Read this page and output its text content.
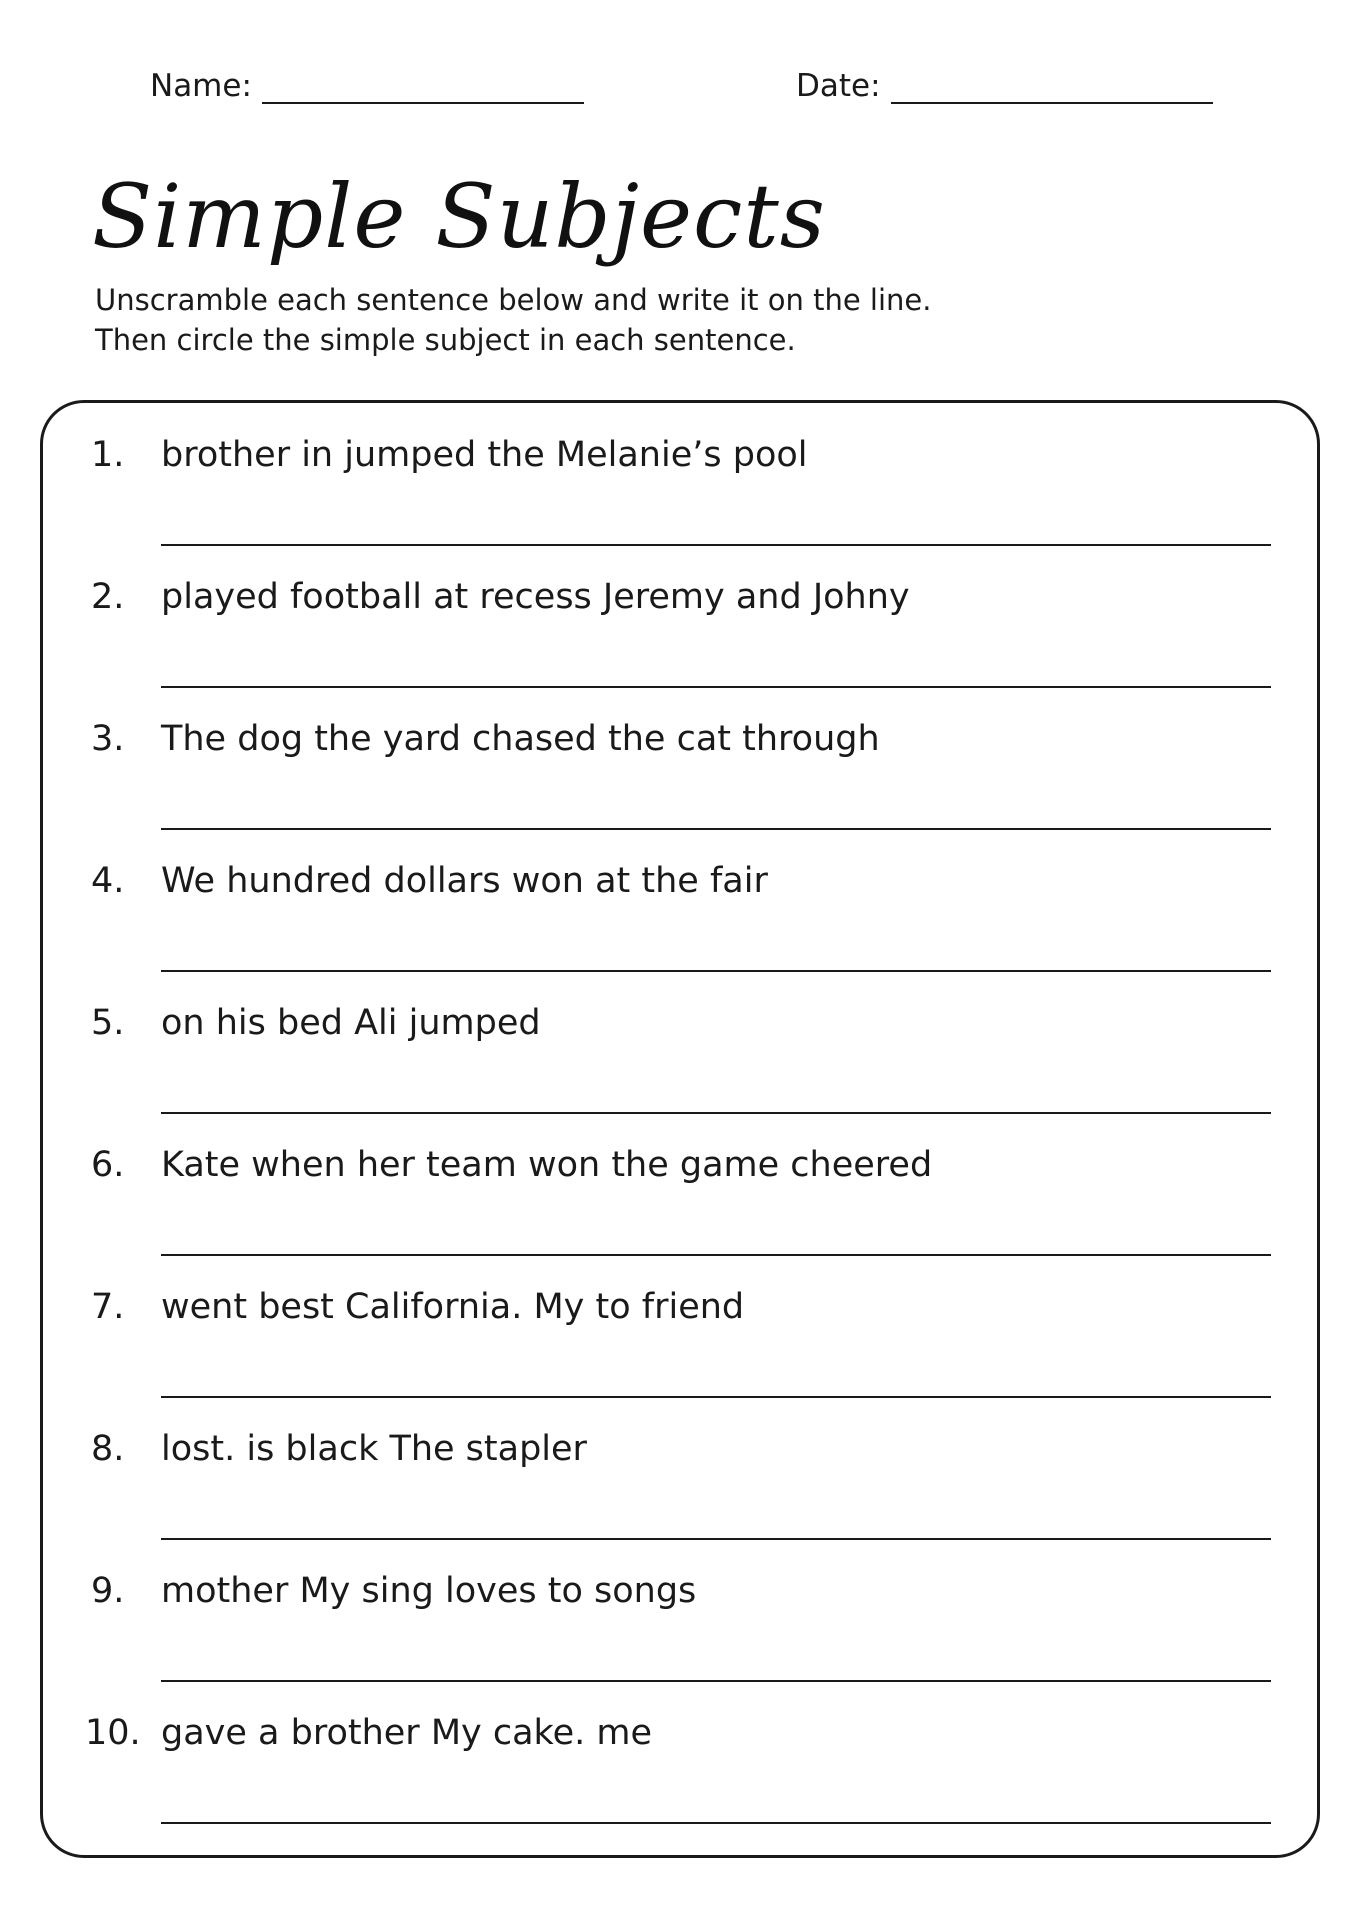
Name:	Date:
Simple Subjects
Unscramble each sentence below and write it on the line.
Then circle the simple subject in each sentence.
1. brother in jumped the Melanie’s pool
2. played football at recess Jeremy and Johny
3. The dog the yard chased the cat through
4. We hundred dollars won at the fair
5. on his bed Ali jumped
6. Kate when her team won the game cheered
7. went best California. My to friend
8. lost. is black The stapler
9. mother My sing loves to songs
10. gave a brother My cake. me
